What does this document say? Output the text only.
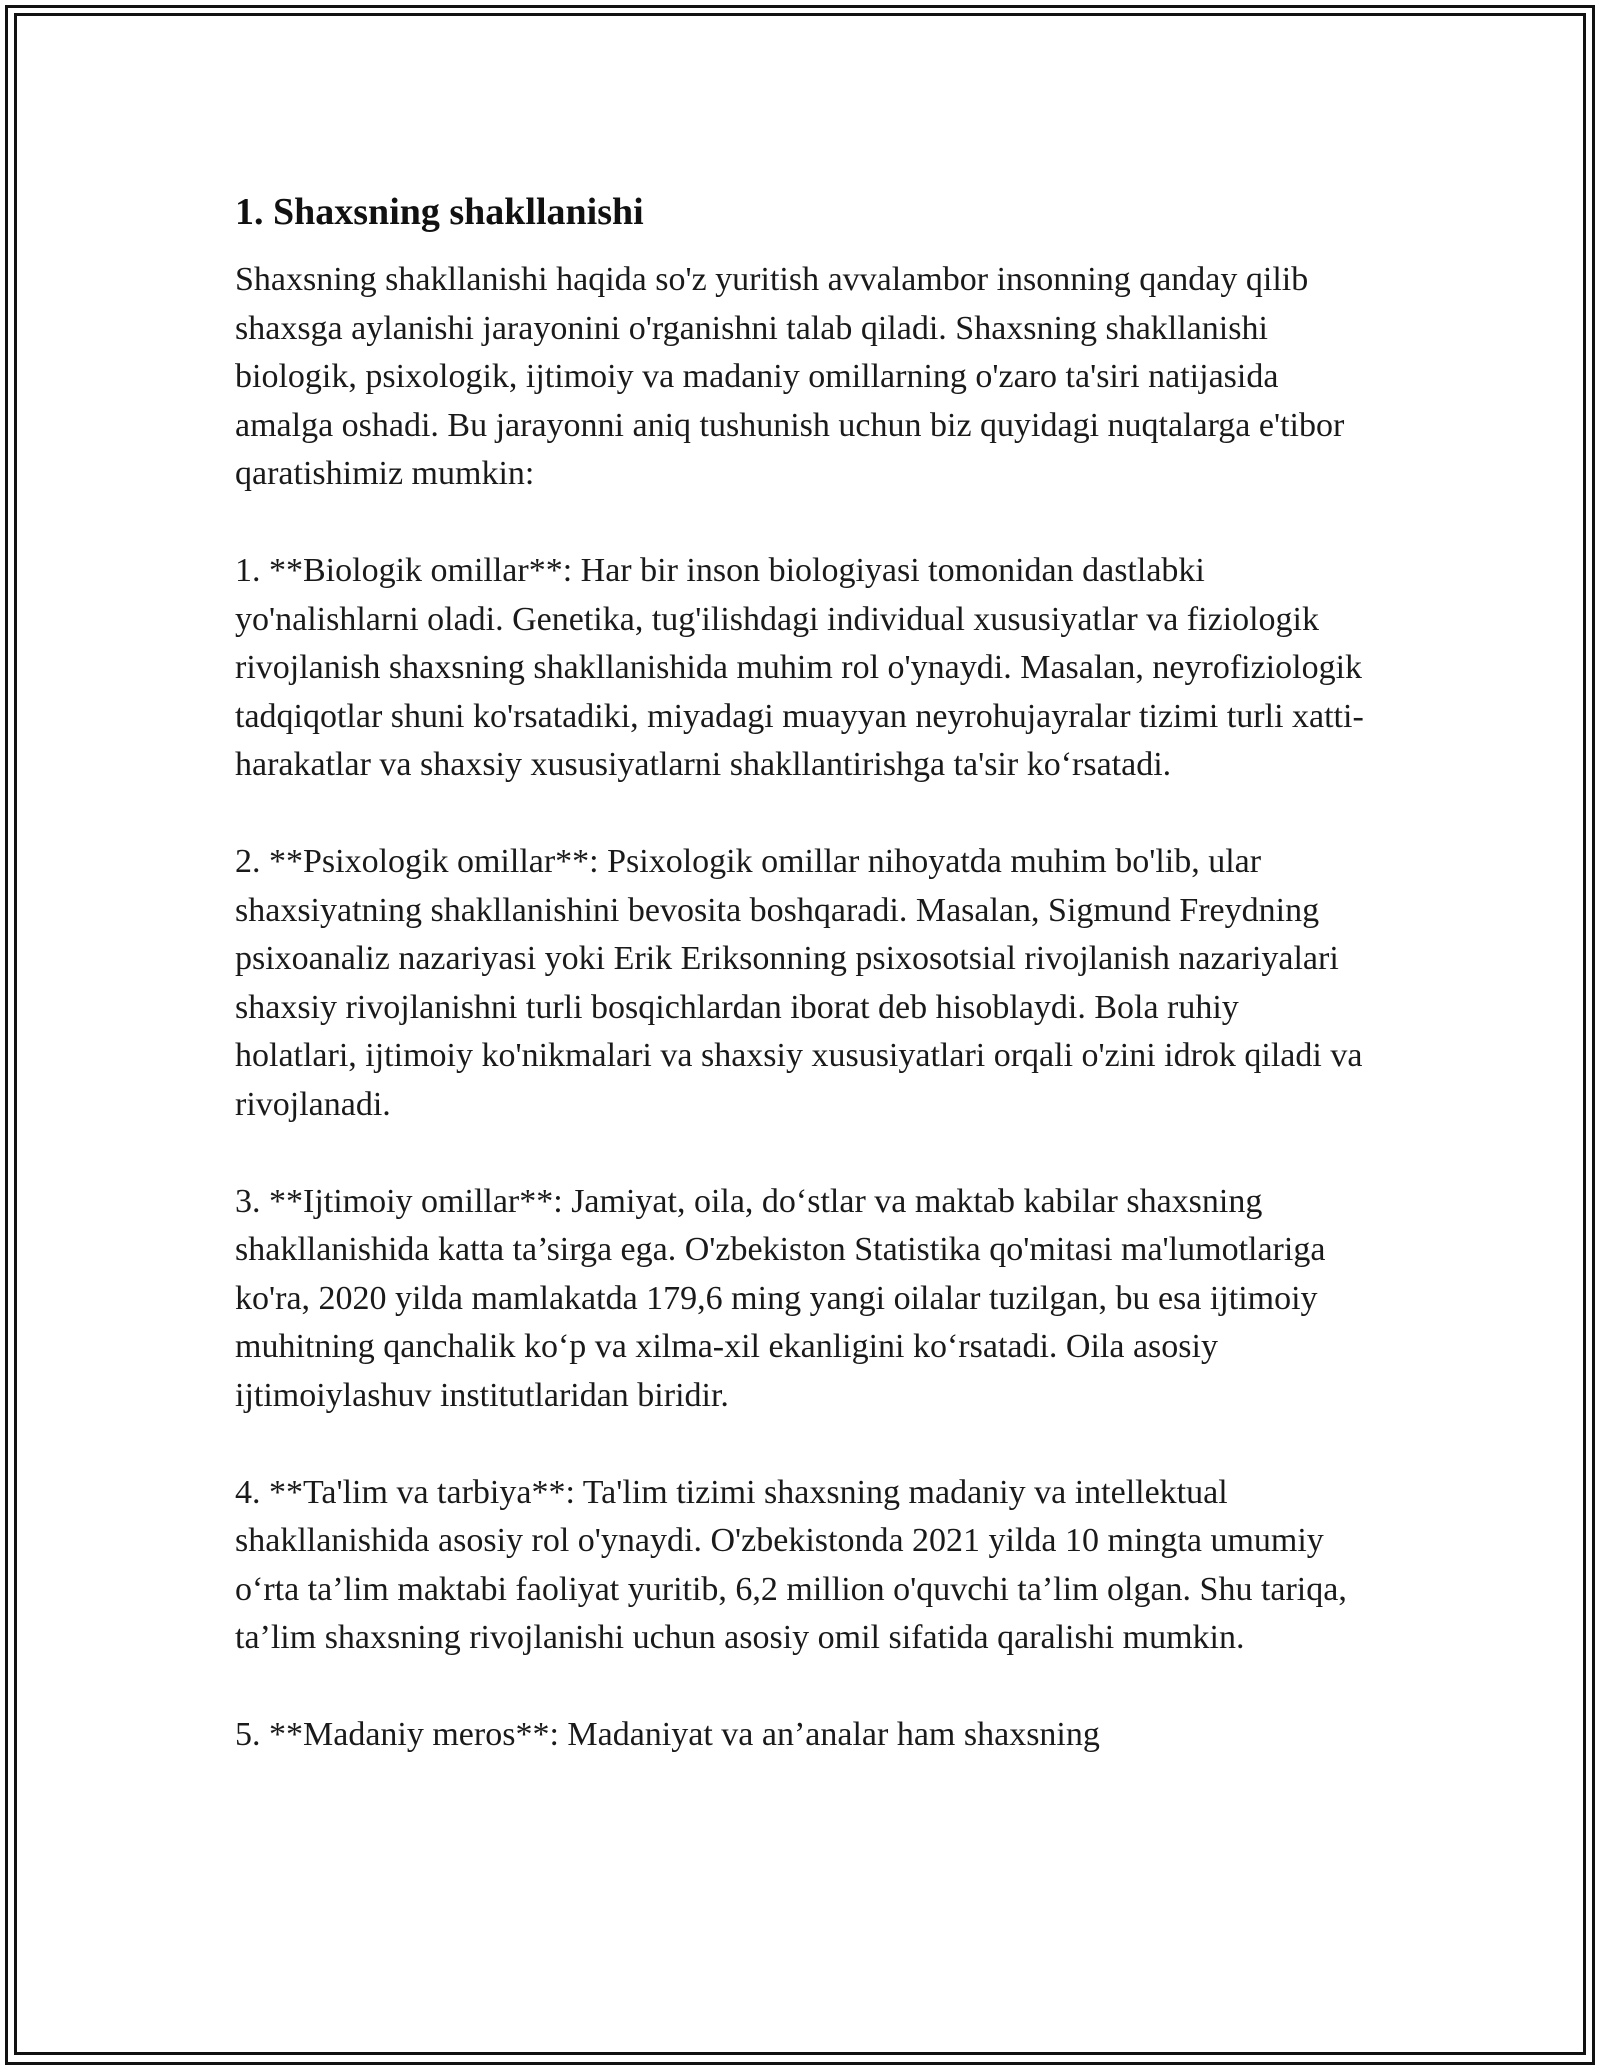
1. Shaxsning shakllanishi

Shaxsning shakllanishi haqida so'z yuritish avvalambor insonning qanday qilib shaxsga aylanishi jarayonini o'rganishni talab qiladi. Shaxsning shakllanishi biologik, psixologik, ijtimoiy va madaniy omillarning o'zaro ta'siri natijasida amalga oshadi. Bu jarayonni aniq tushunish uchun biz quyidagi nuqtalarga e'tibor qaratishimiz mumkin:

1. **Biologik omillar**: Har bir inson biologiyasi tomonidan dastlabki yo'nalishlarni oladi. Genetika, tug'ilishdagi individual xususiyatlar va fiziologik rivojlanish shaxsning shakllanishida muhim rol o'ynaydi. Masalan, neyrofiziologik tadqiqotlar shuni ko'rsatadiki, miyadagi muayyan neyrohujayralar tizimi turli xatti-harakatlar va shaxsiy xususiyatlarni shakllantirishga ta'sir ko‘rsatadi.

2. **Psixologik omillar**: Psixologik omillar nihoyatda muhim bo'lib, ular shaxsiyatning shakllanishini bevosita boshqaradi. Masalan, Sigmund Freydning psixoanaliz nazariyasi yoki Erik Eriksonning psixosotsial rivojlanish nazariyalari shaxsiy rivojlanishni turli bosqichlardan iborat deb hisoblaydi. Bola ruhiy holatlari, ijtimoiy ko'nikmalari va shaxsiy xususiyatlari orqali o'zini idrok qiladi va rivojlanadi.

3. **Ijtimoiy omillar**: Jamiyat, oila, do‘stlar va maktab kabilar shaxsning shakllanishida katta ta’sirga ega. O'zbekiston Statistika qo'mitasi ma'lumotlariga ko'ra, 2020 yilda mamlakatda 179,6 ming yangi oilalar tuzilgan, bu esa ijtimoiy muhitning qanchalik ko‘p va xilma-xil ekanligini ko‘rsatadi. Oila asosiy ijtimoiylashuv institutlaridan biridir.

4. **Ta'lim va tarbiya**: Ta'lim tizimi shaxsning madaniy va intellektual shakllanishida asosiy rol o'ynaydi. O'zbekistonda 2021 yilda 10 mingta umumiy o‘rta ta’lim maktabi faoliyat yuritib, 6,2 million o'quvchi ta’lim olgan. Shu tariqa, ta’lim shaxsning rivojlanishi uchun asosiy omil sifatida qaralishi mumkin.

5. **Madaniy meros**: Madaniyat va an’analar ham shaxsning
